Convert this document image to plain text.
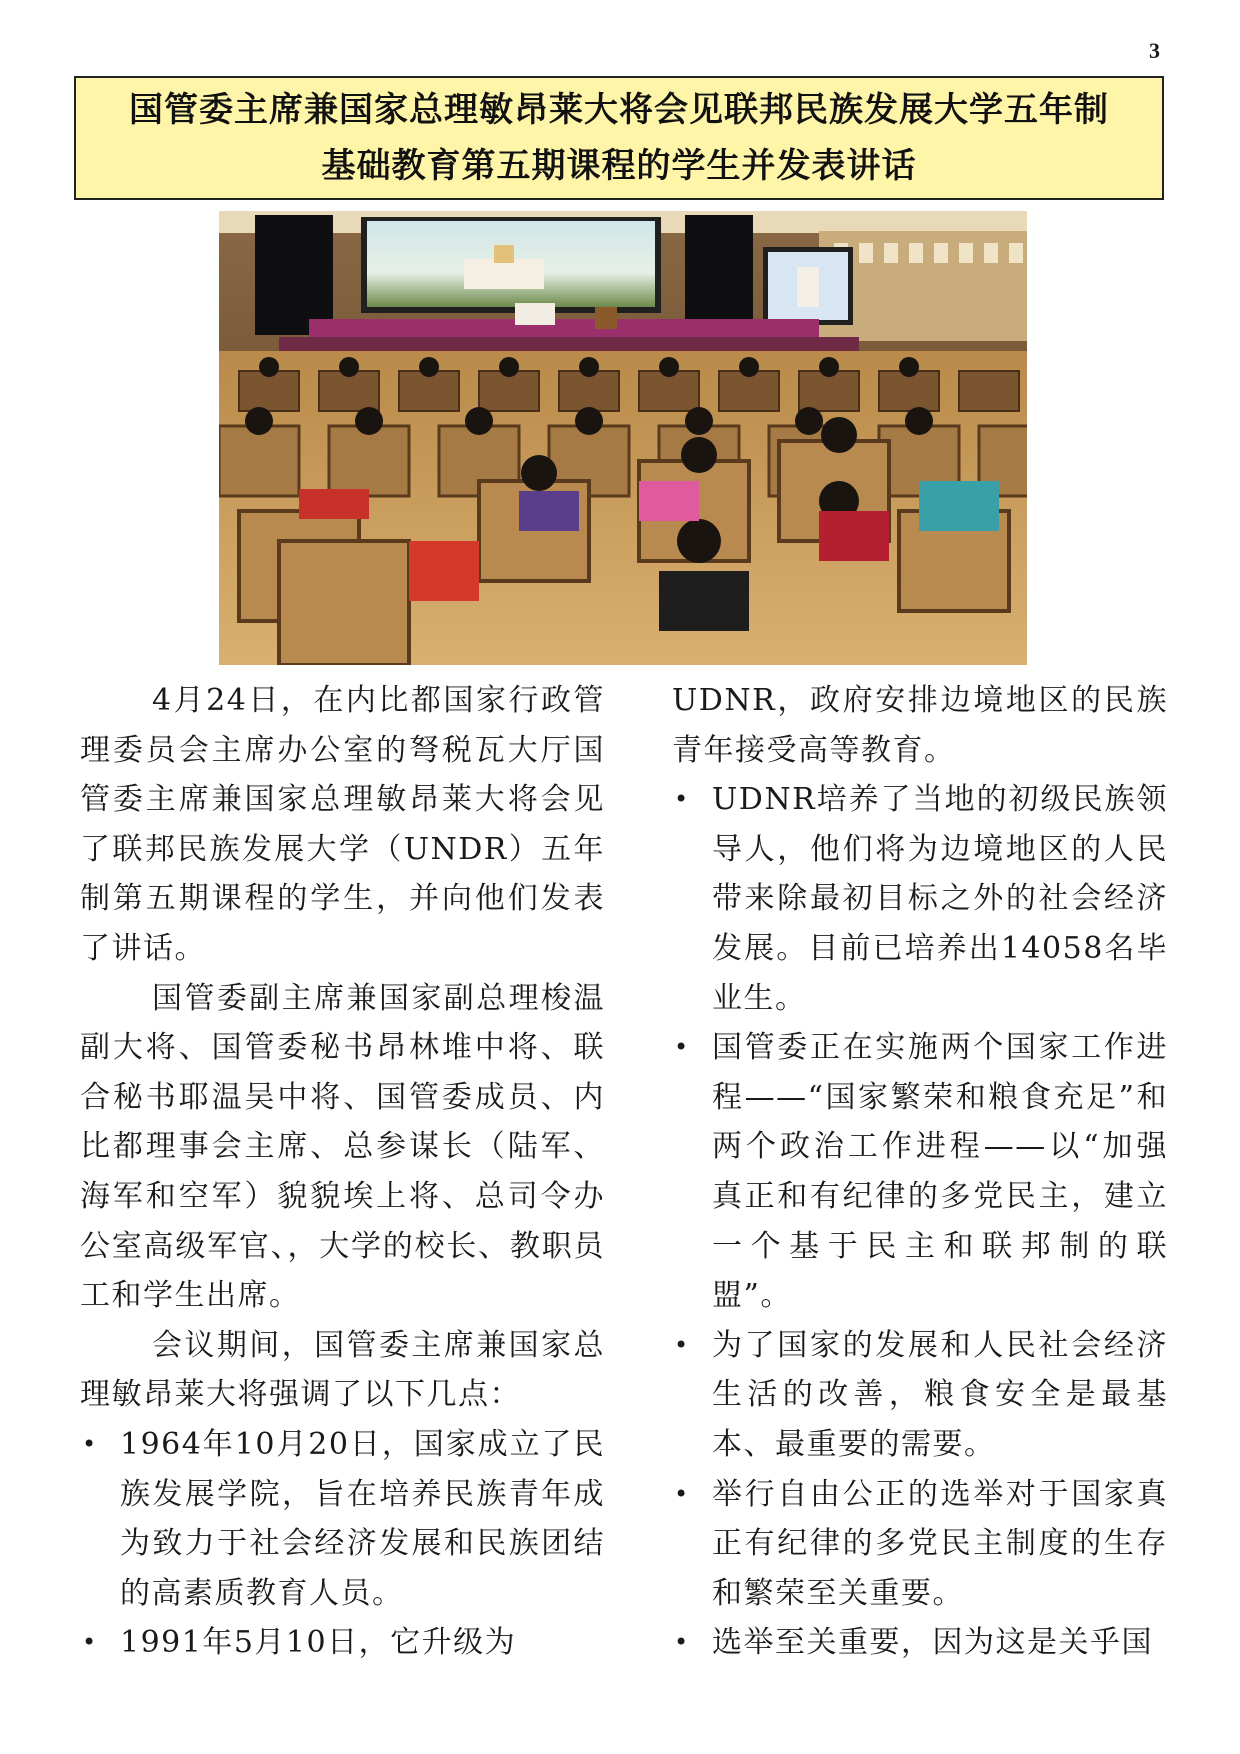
3
国管委主席兼国家总理敏昂莱大将会见联邦民族发展大学五年制
基础教育第五期课程的学生并发表讲话

4月24日，在内比都国家行政管理委员会主席办公室的弩税瓦大厅国管委主席兼国家总理敏昂莱大将会见了联邦民族发展大学（UNDR）五年制第五期课程的学生，并向他们发表了讲话。

国管委副主席兼国家副总理梭温副大将、国管委秘书昂林堆中将、联合秘书耶温吴中将、国管委成员、内比都理事会主席、总参谋长（陆军、海军和空军）貌貌埃上将、总司令办公室高级军官、，大学的校长、教职员工和学生出席。

会议期间，国管委主席兼国家总理敏昂莱大将强调了以下几点：

• 1964年10月20日，国家成立了民族发展学院，旨在培养民族青年成为致力于社会经济发展和民族团结的高素质教育人员。

• 1991年5月10日，它升级为

UDNR，政府安排边境地区的民族青年接受高等教育。

• UDNR培养了当地的初级民族领导人，他们将为边境地区的人民带来除最初目标之外的社会经济发展。目前已培养出14058名毕业生。

• 国管委正在实施两个国家工作进程——“国家繁荣和粮食充足”和两个政治工作进程——以“加强真正和有纪律的多党民主，建立一个基于民主和联邦制的联盟”。

• 为了国家的发展和人民社会经济生活的改善，粮食安全是最基本、最重要的需要。

• 举行自由公正的选举对于国家真正有纪律的多党民主制度的生存和繁荣至关重要。

• 选举至关重要，因为这是关乎国
